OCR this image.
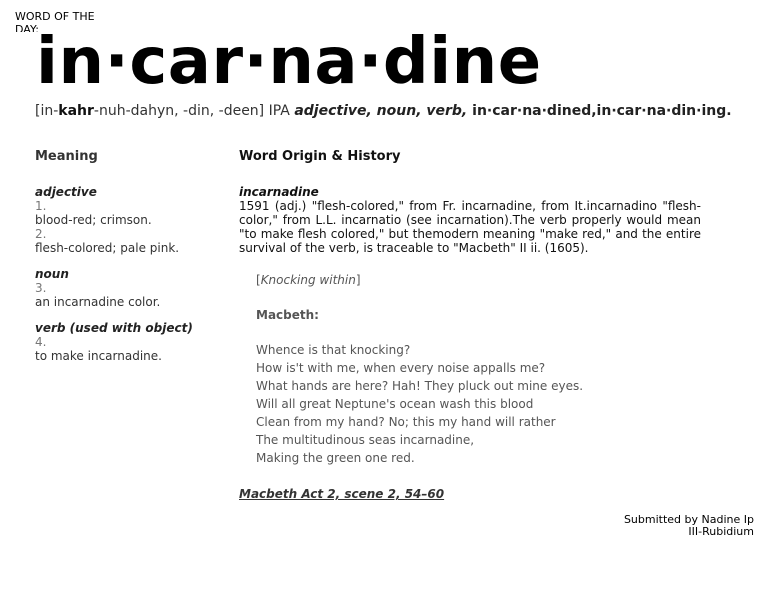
WORD OF THE DAY:
in·car·na·dine
[in-kahr-nuh-dahyn, -din, -deen] IPA adjective, noun, verb, in·car·na·dined,in·car·na·din·ing.
Meaning
adjective
1.
blood-red; crimson.
2.
flesh-colored; pale pink.
noun
3.
an incarnadine color.
verb (used with object)
4.
to make incarnadine.
Word Origin & History
incarnadine
1591 (adj.) "flesh-colored," from Fr. incarnadine, from It.incarnadino "flesh-color," from L.L. incarnatio (see incarnation).The verb properly would mean "to make flesh colored," but themodern meaning "make red," and the entire survival of the verb, is traceable to "Macbeth" II ii. (1605).
[Knocking within]
Macbeth:
Whence is that knocking?
How is't with me, when every noise appalls me?
What hands are here? Hah! They pluck out mine eyes.
Will all great Neptune's ocean wash this blood
Clean from my hand? No; this my hand will rather
The multitudinous seas incarnadine,
Making the green one red.
Macbeth Act 2, scene 2, 54–60
Submitted by Nadine Ip
III-Rubidium
